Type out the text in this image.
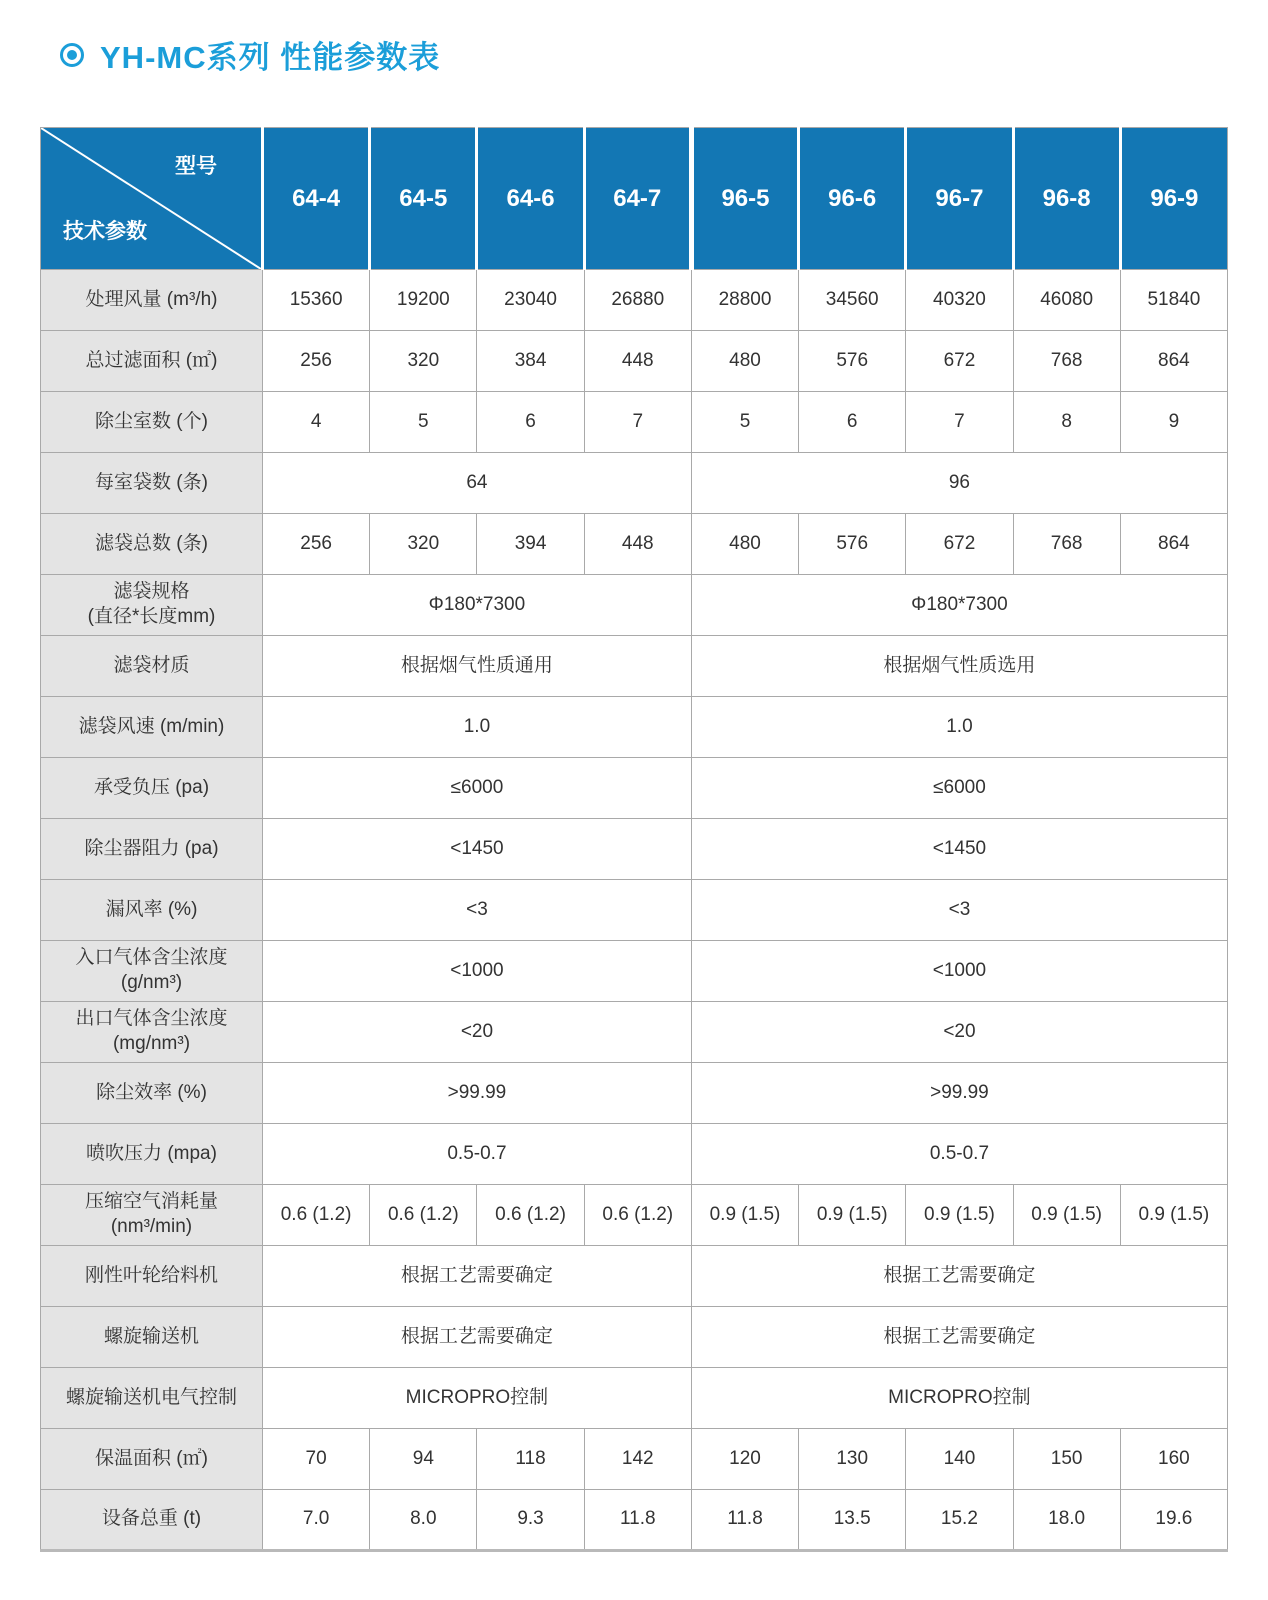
YH-MC系列 性能参数表
型号
技术参数	64-4	64-5	64-6	64-7	96-5	96-6	96-7	96-8	96-9

处理风量 (m³/h)	15360	19200	23040	26880	28800	34560	40320	46080	51840

总过滤面积 (㎡)	256	320	384	448	480	576	672	768	864

除尘室数 (个)	4	5	6	7	5	6	7	8	9

每室袋数 (条)	64				96				

滤袋总数 (条)	256	320	394	448	480	576	672	768	864

滤袋规格
(直径*长度mm)	Φ180*7300				Φ180*7300				

滤袋材质	根据烟气性质通用				根据烟气性质选用				

滤袋风速 (m/min)	1.0				1.0				

承受负压 (pa)	≤6000				≤6000				

除尘器阻力 (pa)	<1450				<1450				

漏风率 (%)	<3				<3				

入口气体含尘浓度
(g/nm³)	<1000				<1000				

出口气体含尘浓度
(mg/nm³)	<20				<20				

除尘效率 (%)	>99.99				>99.99				

喷吹压力 (mpa)	0.5-0.7				0.5-0.7				

压缩空气消耗量
(nm³/min)	0.6 (1.2)	0.6 (1.2)	0.6 (1.2)	0.6 (1.2)	0.9 (1.5)	0.9 (1.5)	0.9 (1.5)	0.9 (1.5)	0.9 (1.5)

刚性叶轮给料机	根据工艺需要确定				根据工艺需要确定				

螺旋输送机	根据工艺需要确定				根据工艺需要确定				

螺旋输送机电气控制	MICROPRO控制				MICROPRO控制				

保温面积 (㎡)	70	94	118	142	120	130	140	150	160

设备总重 (t)	7.0	8.0	9.3	11.8	11.8	13.5	15.2	18.0	19.6
